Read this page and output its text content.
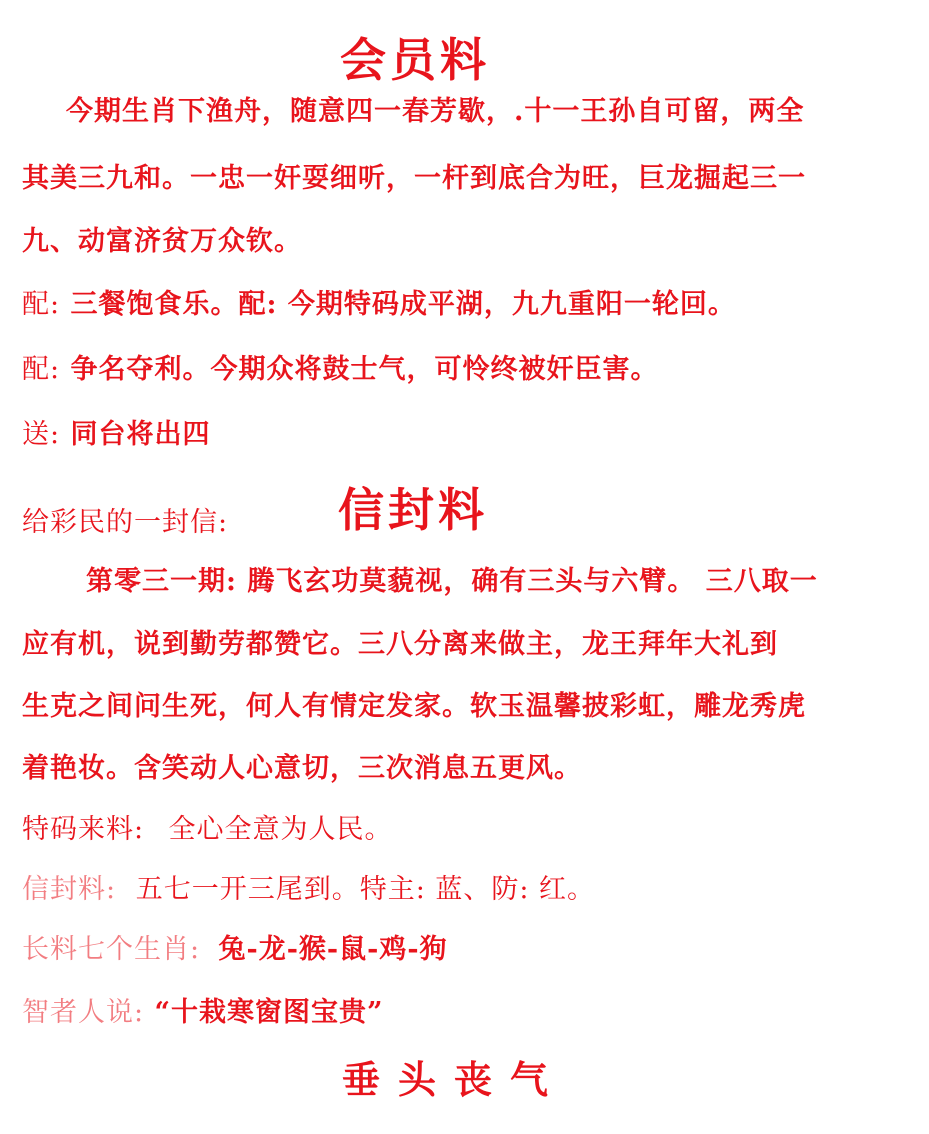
会员料
今期生肖下渔舟，随意四一春芳歇，.十一王孙自可留，两全
其美三九和。一忠一奸耍细听，一杆到底合为旺，巨龙掘起三一
九、动富济贫万众钦。
配: 三餐饱食乐。配: 今期特码成平湖，九九重阳一轮回。
配: 争名夺利。今期众将鼓士气，可怜终被奸臣害。
送: 同台将出四
给彩民的一封信: 信封料
第零三一期: 腾飞玄功莫藐视，确有三头与六臂。 三八取一
应有机，说到勤劳都赞它。三八分离来做主，龙王拜年大礼到
生克之间问生死，何人有情定发家。软玉温馨披彩虹，雕龙秀虎
着艳妆。含笑动人心意切，三次消息五更风。
特码来料: 全心全意为人民。
信封料: 五七一开三尾到。特主: 蓝、防: 红。
长料七个生肖: 兔-龙-猴-鼠-鸡-狗
智者人说: “十栽寒窗图宝贵”
垂头丧气
